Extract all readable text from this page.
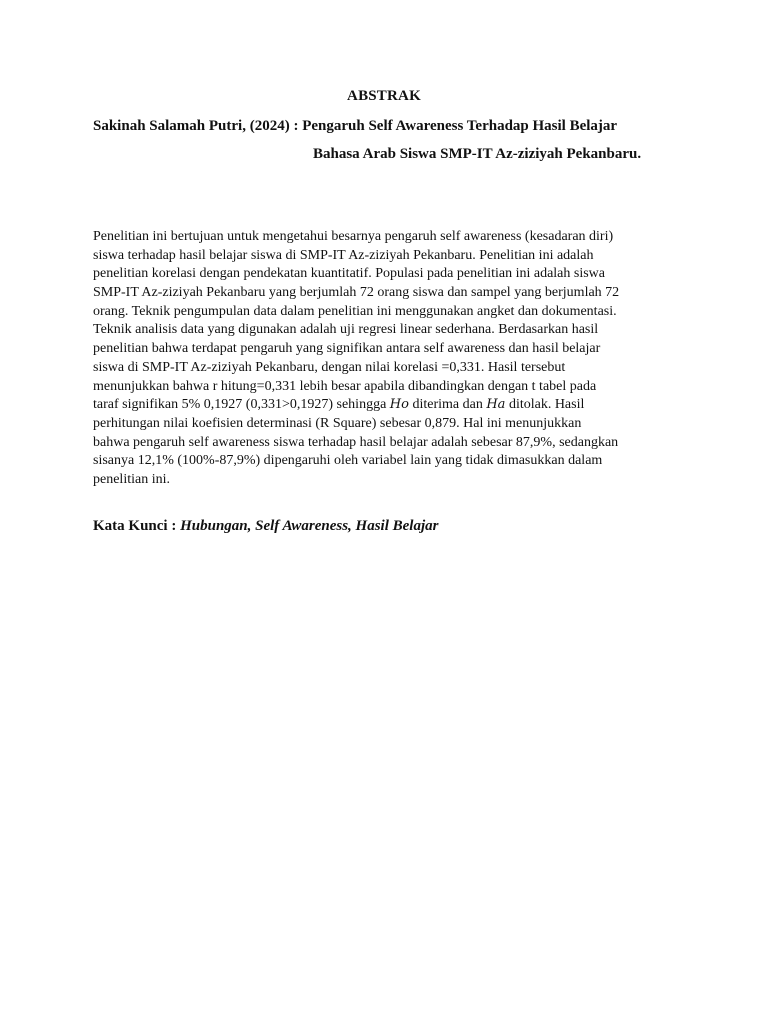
ABSTRAK
Sakinah Salamah Putri, (2024) : Pengaruh Self Awareness Terhadap Hasil Belajar
Bahasa Arab Siswa SMP-IT Az-ziziyah Pekanbaru.
Penelitian ini bertujuan untuk mengetahui besarnya pengaruh self awareness (kesadaran diri)
siswa terhadap hasil belajar siswa di SMP-IT Az-ziziyah Pekanbaru. Penelitian ini adalah
penelitian korelasi dengan pendekatan kuantitatif. Populasi pada penelitian ini adalah siswa
SMP-IT Az-ziziyah Pekanbaru yang berjumlah 72 orang siswa dan sampel yang berjumlah 72
orang. Teknik pengumpulan data dalam penelitian ini menggunakan angket dan dokumentasi.
Teknik analisis data yang digunakan adalah uji regresi linear sederhana. Berdasarkan hasil
penelitian bahwa terdapat pengaruh yang signifikan antara self awareness dan hasil belajar
siswa di SMP-IT Az-ziziyah Pekanbaru, dengan nilai korelasi =0,331. Hasil tersebut
menunjukkan bahwa r hitung=0,331 lebih besar apabila dibandingkan dengan t tabel pada
taraf signifikan 5% 0,1927 (0,331>0,1927) sehingga Ho diterima dan Ha ditolak. Hasil
perhitungan nilai koefisien determinasi (R Square) sebesar 0,879. Hal ini menunjukkan
bahwa pengaruh self awareness siswa terhadap hasil belajar adalah sebesar 87,9%, sedangkan
sisanya 12,1% (100%-87,9%) dipengaruhi oleh variabel lain yang tidak dimasukkan dalam
penelitian ini.
Kata Kunci : Hubungan, Self Awareness, Hasil Belajar
